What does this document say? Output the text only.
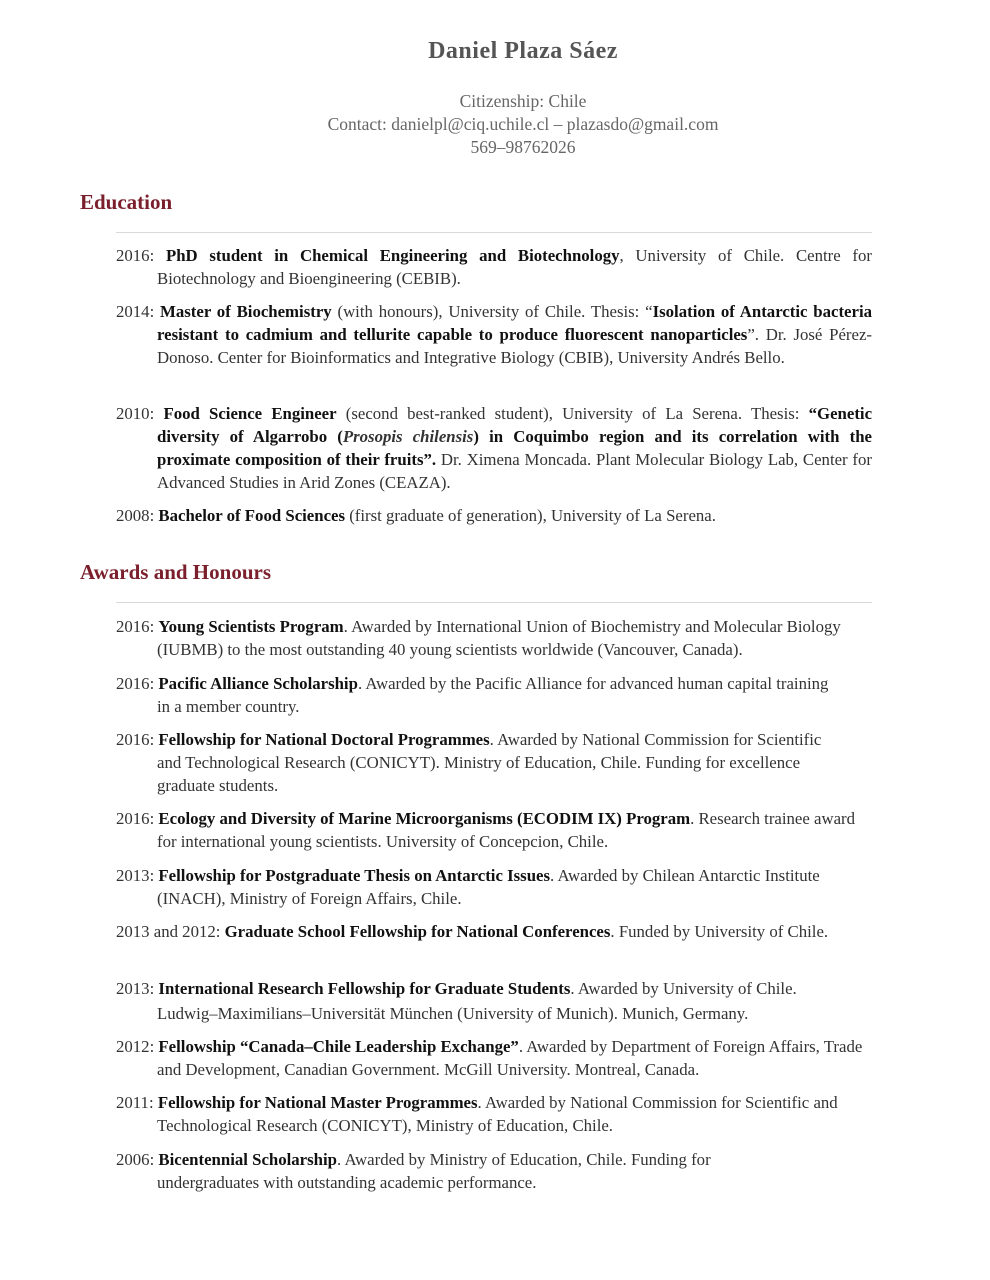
Daniel Plaza Sáez
Citizenship: Chile
Contact: danielpl@ciq.uchile.cl – plazasdo@gmail.com
569–98762026
Education
2016: PhD student in Chemical Engineering and Biotechnology, University of Chile. Centre for Biotechnology and Bioengineering (CEBIB).
2014: Master of Biochemistry (with honours), University of Chile. Thesis: “Isolation of Antarctic bacteria resistant to cadmium and tellurite capable to produce fluorescent nanoparticles”. Dr. José Pérez-Donoso. Center for Bioinformatics and Integrative Biology (CBIB), University Andrés Bello.
2010: Food Science Engineer (second best-ranked student), University of La Serena. Thesis: “Genetic diversity of Algarrobo (Prosopis chilensis) in Coquimbo region and its correlation with the proximate composition of their fruits”. Dr. Ximena Moncada. Plant Molecular Biology Lab, Center for Advanced Studies in Arid Zones (CEAZA).
2008: Bachelor of Food Sciences (first graduate of generation), University of La Serena.
Awards and Honours
2016: Young Scientists Program. Awarded by International Union of Biochemistry and Molecular Biology (IUBMB) to the most outstanding 40 young scientists worldwide (Vancouver, Canada).
2016: Pacific Alliance Scholarship. Awarded by the Pacific Alliance for advanced human capital training in a member country.
2016: Fellowship for National Doctoral Programmes. Awarded by National Commission for Scientific and Technological Research (CONICYT). Ministry of Education, Chile. Funding for excellence graduate students.
2016: Ecology and Diversity of Marine Microorganisms (ECODIM IX) Program. Research trainee award for international young scientists. University of Concepcion, Chile.
2013: Fellowship for Postgraduate Thesis on Antarctic Issues. Awarded by Chilean Antarctic Institute (INACH), Ministry of Foreign Affairs, Chile.
2013 and 2012: Graduate School Fellowship for National Conferences. Funded by University of Chile.
2013: International Research Fellowship for Graduate Students. Awarded by University of Chile. Ludwig–Maximilians–Universität München (University of Munich). Munich, Germany.
2012: Fellowship “Canada–Chile Leadership Exchange”. Awarded by Department of Foreign Affairs, Trade and Development, Canadian Government. McGill University. Montreal, Canada.
2011: Fellowship for National Master Programmes. Awarded by National Commission for Scientific and Technological Research (CONICYT), Ministry of Education, Chile.
2006: Bicentennial Scholarship. Awarded by Ministry of Education, Chile. Funding for undergraduates with outstanding academic performance.
